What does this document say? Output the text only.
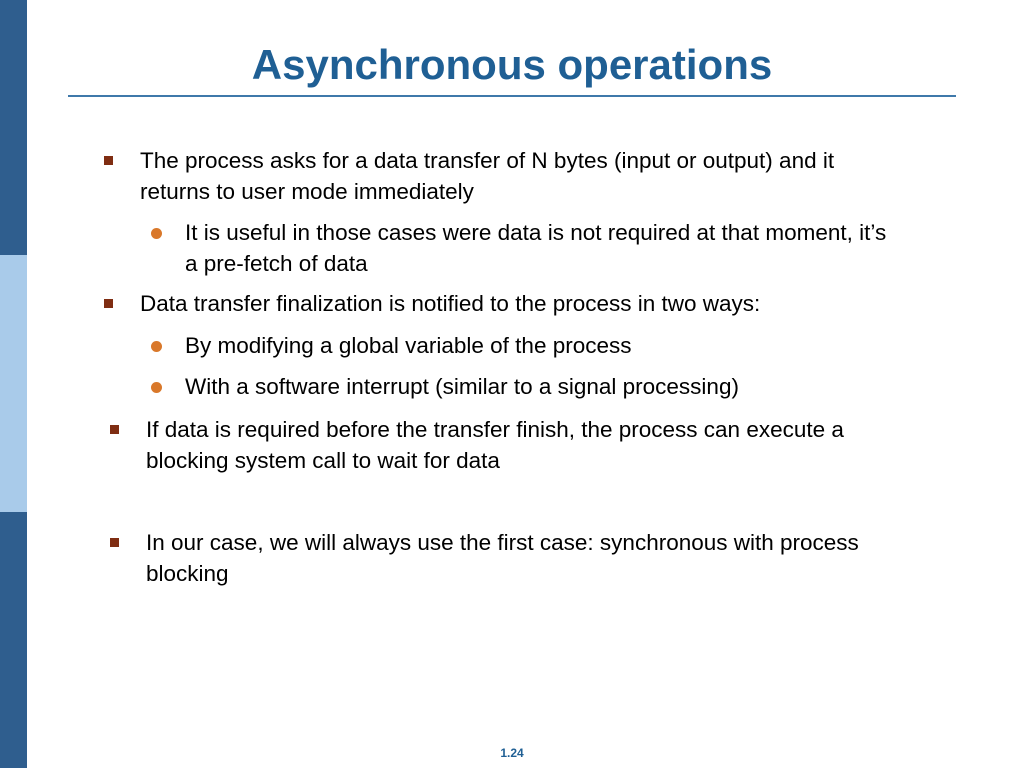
Asynchronous operations
The process asks for a data transfer of N bytes (input or output) and it
returns to user mode immediately
It is useful in those cases were data is not required at that moment, it’s
a pre-fetch of data
Data transfer finalization is notified to the process in two ways:
By modifying a global variable of the process
With a software interrupt (similar to a signal processing)
If data is required before the transfer finish, the process can execute a
blocking system call to wait for data
In our case, we will always use the first case: synchronous with process
blocking
1.24
